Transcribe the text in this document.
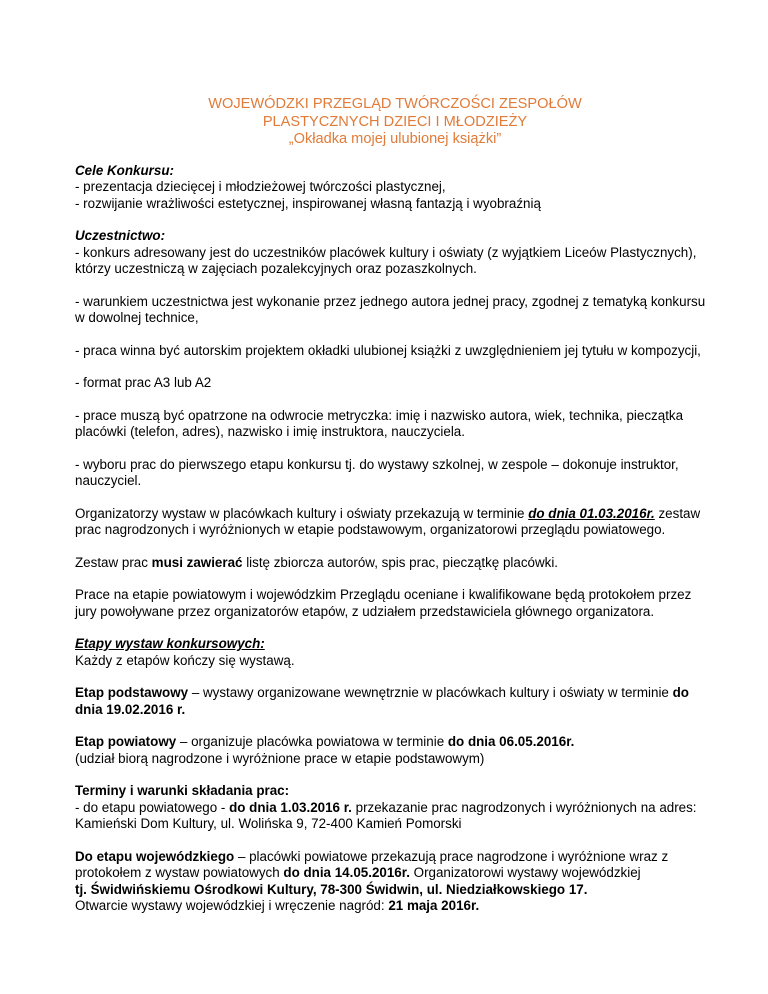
WOJEWÓDZKI PRZEGLĄD TWÓRCZOŚCI ZESPOŁÓW
PLASTYCZNYCH DZIECI I MŁODZIEŻY
„Okładka mojej ulubionej książki”

Cele Konkursu:
- prezentacja dziecięcej i młodzieżowej twórczości plastycznej,
- rozwijanie wrażliwości estetycznej, inspirowanej własną fantazją i wyobraźnią

Uczestnictwo:
- konkurs adresowany jest do uczestników placówek kultury i oświaty (z wyjątkiem Liceów Plastycznych), którzy uczestniczą w zajęciach pozalekcyjnych oraz pozaszkolnych.

- warunkiem uczestnictwa jest wykonanie przez jednego autora jednej pracy, zgodnej z tematyką konkursu w dowolnej technice,

- praca winna być autorskim projektem okładki ulubionej książki z uwzględnieniem jej tytułu w kompozycji,

- format prac A3 lub A2

- prace muszą być opatrzone na odwrocie metryczka: imię i nazwisko autora, wiek, technika, pieczątka placówki (telefon, adres), nazwisko i imię instruktora, nauczyciela.

- wyboru prac do pierwszego etapu konkursu tj. do wystawy szkolnej, w zespole – dokonuje instruktor, nauczyciel.

Organizatorzy wystaw w placówkach kultury i oświaty przekazują w terminie do dnia 01.03.2016r. zestaw prac nagrodzonych i wyróżnionych w etapie podstawowym, organizatorowi przeglądu powiatowego.

Zestaw prac musi zawierać listę zbiorcza autorów, spis prac, pieczątkę placówki.

Prace na etapie powiatowym i wojewódzkim Przeglądu oceniane i kwalifikowane będą protokołem przez jury powoływane przez organizatorów etapów, z udziałem przedstawiciela głównego organizatora.

Etapy wystaw konkursowych:
Każdy z etapów kończy się wystawą.

Etap podstawowy – wystawy organizowane wewnętrznie w placówkach kultury i oświaty w terminie do dnia 19.02.2016 r.

Etap powiatowy – organizuje placówka powiatowa w terminie do dnia 06.05.2016r.
(udział biorą nagrodzone i wyróżnione prace w etapie podstawowym)

Terminy i warunki składania prac:
- do etapu powiatowego - do dnia 1.03.2016 r. przekazanie prac nagrodzonych i wyróżnionych na adres: Kamieński Dom Kultury, ul. Wolińska 9, 72-400 Kamień Pomorski

Do etapu wojewódzkiego – placówki powiatowe przekazują prace nagrodzone i wyróżnione wraz z protokołem z wystaw powiatowych do dnia 14.05.2016r. Organizatorowi wystawy wojewódzkiej
tj. Świdwińskiemu Ośrodkowi Kultury, 78-300 Świdwin, ul. Niedziałkowskiego 17.
Otwarcie wystawy wojewódzkiej i wręczenie nagród: 21 maja 2016r.
